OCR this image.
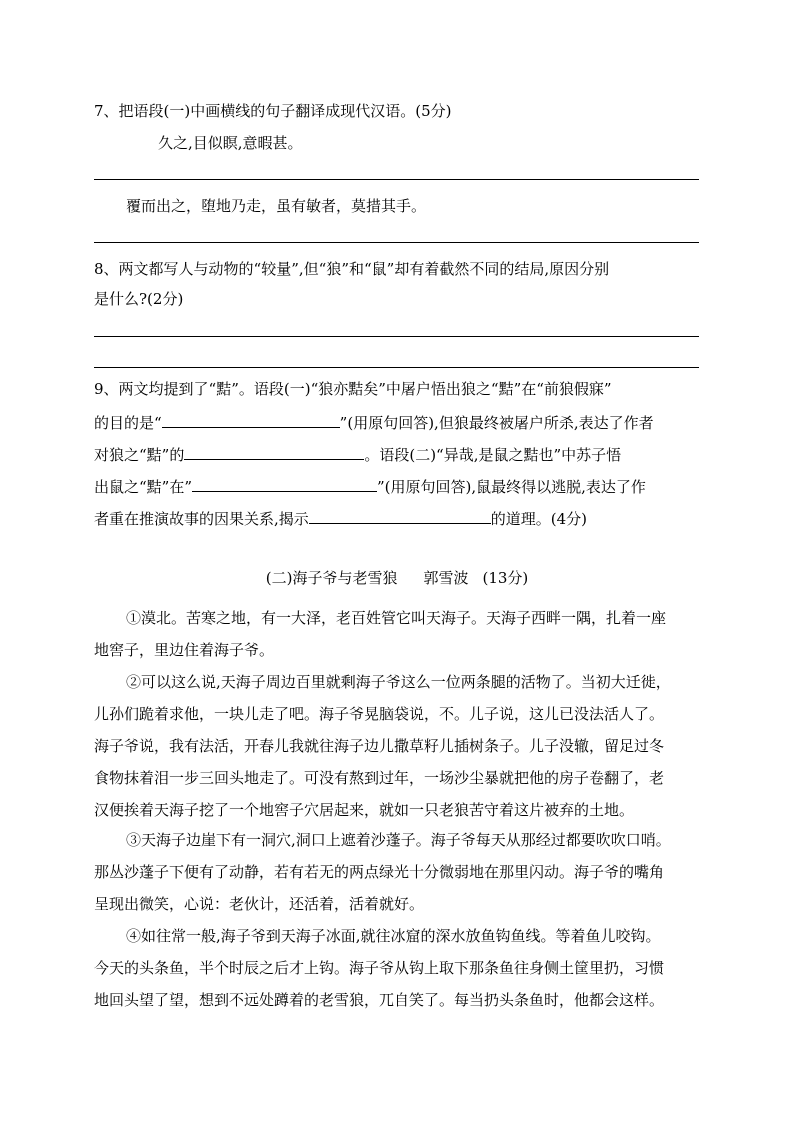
7、把语段(一)中画横线的句子翻译成现代汉语。(5分)
久之,目似瞑,意暇甚。
覆而出之，堕地乃走，虽有敏者，莫措其手。
8、两文都写人与动物的“较量”,但“狼”和“鼠”却有着截然不同的结局,原因分别
是什么?(2分)
9、两文均提到了“黠”。语段(一)“狼亦黠矣”中屠户悟出狼之“黠”在“前狼假寐”
的目的是“	”(用原句回答),但狼最终被屠户所杀,表达了作者
对狼之“黠”的	。语段(二)“异哉,是鼠之黠也”中苏子悟
出鼠之“黠”在”	”(用原句回答),鼠最终得以逃脱,表达了作
者重在推演故事的因果关系,揭示	的道理。(4分)
(二)海子爷与老雪狼 郭雪波 (13分)
①漠北。苦寒之地，有一大泽，老百姓管它叫天海子。天海子西畔一隅，扎着一座
地窖子，里边住着海子爷。
②可以这么说,天海子周边百里就剩海子爷这么一位两条腿的活物了。当初大迁徙，
儿孙们跪着求他，一块儿走了吧。海子爷晃脑袋说，不。儿子说，这儿已没法活人了。
海子爷说，我有法活，开春儿我就往海子边儿撒草籽儿插树条子。儿子没辙，留足过冬
食物抹着泪一步三回头地走了。可没有熬到过年，一场沙尘暴就把他的房子卷翻了，老
汉便挨着天海子挖了一个地窖子穴居起来，就如一只老狼苦守着这片被弃的土地。
③天海子边崖下有一洞穴,洞口上遮着沙蓬子。海子爷每天从那经过都要吹吹口哨。
那丛沙蓬子下便有了动静，若有若无的两点绿光十分微弱地在那里闪动。海子爷的嘴角
呈现出微笑，心说：老伙计，还活着，活着就好。
④如往常一般,海子爷到天海子冰面,就往冰窟的深水放鱼钩鱼线。等着鱼儿咬钩。
今天的头条鱼，半个时辰之后才上钩。海子爷从钩上取下那条鱼往身侧土筐里扔，习惯
地回头望了望，想到不远处蹲着的老雪狼，兀自笑了。每当扔头条鱼时，他都会这样。
